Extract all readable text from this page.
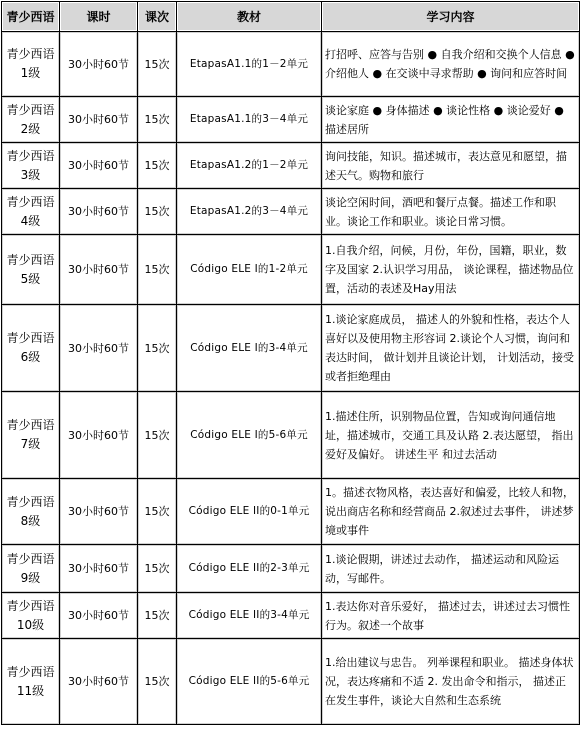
青少西语	课时	课次	教材	学习内容
青少西语1级	30小时60节	15次	EtapasA1.1的1－2单元	打招呼、应答与告别 ● 自我介绍和交换个人信息 ● 介绍他人 ● 在交谈中寻求帮助 ● 询问和应答时间
青少西语2级	30小时60节	15次	EtapasA1.1的3－4单元	谈论家庭 ● 身体描述 ● 谈论性格 ● 谈论爱好 ● 描述居所
青少西语3级	30小时60节	15次	EtapasA1.2的1－2单元	询问技能，知识。描述城市，表达意见和愿望，描述天气。购物和旅行
青少西语4级	30小时60节	15次	EtapasA1.2的3－4单元	谈论空闲时间，酒吧和餐厅点餐。描述工作和职业。谈论工作和职业。谈论日常习惯。
青少西语5级	30小时60节	15次	Código ELE I的1-2单元	1.自我介绍，问候，月份，年份，国籍，职业，数字及国家 2.认识学习用品， 谈论课程，描述物品位置，活动的表述及Hay用法
青少西语6级	30小时60节	15次	Código ELE I的3-4单元	1.谈论家庭成员， 描述人的外貌和性格，表达个人喜好以及使用物主形容词 2.谈论个人习惯，询问和表达时间， 做计划并且谈论计划， 计划活动，接受或者拒绝理由
青少西语7级	30小时60节	15次	Código ELE I的5-6单元	1.描述住所，识别物品位置，告知或询问通信地址，描述城市，交通工具及认路 2.表达愿望， 指出爱好及偏好。 讲述生平 和过去活动
青少西语8级	30小时60节	15次	Código ELE II的0-1单元	1。描述衣物风格，表达喜好和偏爱，比较人和物，说出商店名称和经营商品 2.叙述过去事件， 讲述梦境或事件
青少西语9级	30小时60节	15次	Código ELE II的2-3单元	1.谈论假期，讲述过去动作， 描述运动和风险运动，写邮件。
青少西语10级	30小时60节	15次	Código ELE II的3-4单元	1.表达你对音乐爱好， 描述过去，讲述过去习惯性行为。叙述一个故事
青少西语11级	30小时60节	15次	Código ELE II的5-6单元	1.给出建议与忠告。 列举课程和职业。 描述身体状况，表达疼痛和不适 2. 发出命令和指示， 描述正在发生事件，谈论大自然和生态系统
